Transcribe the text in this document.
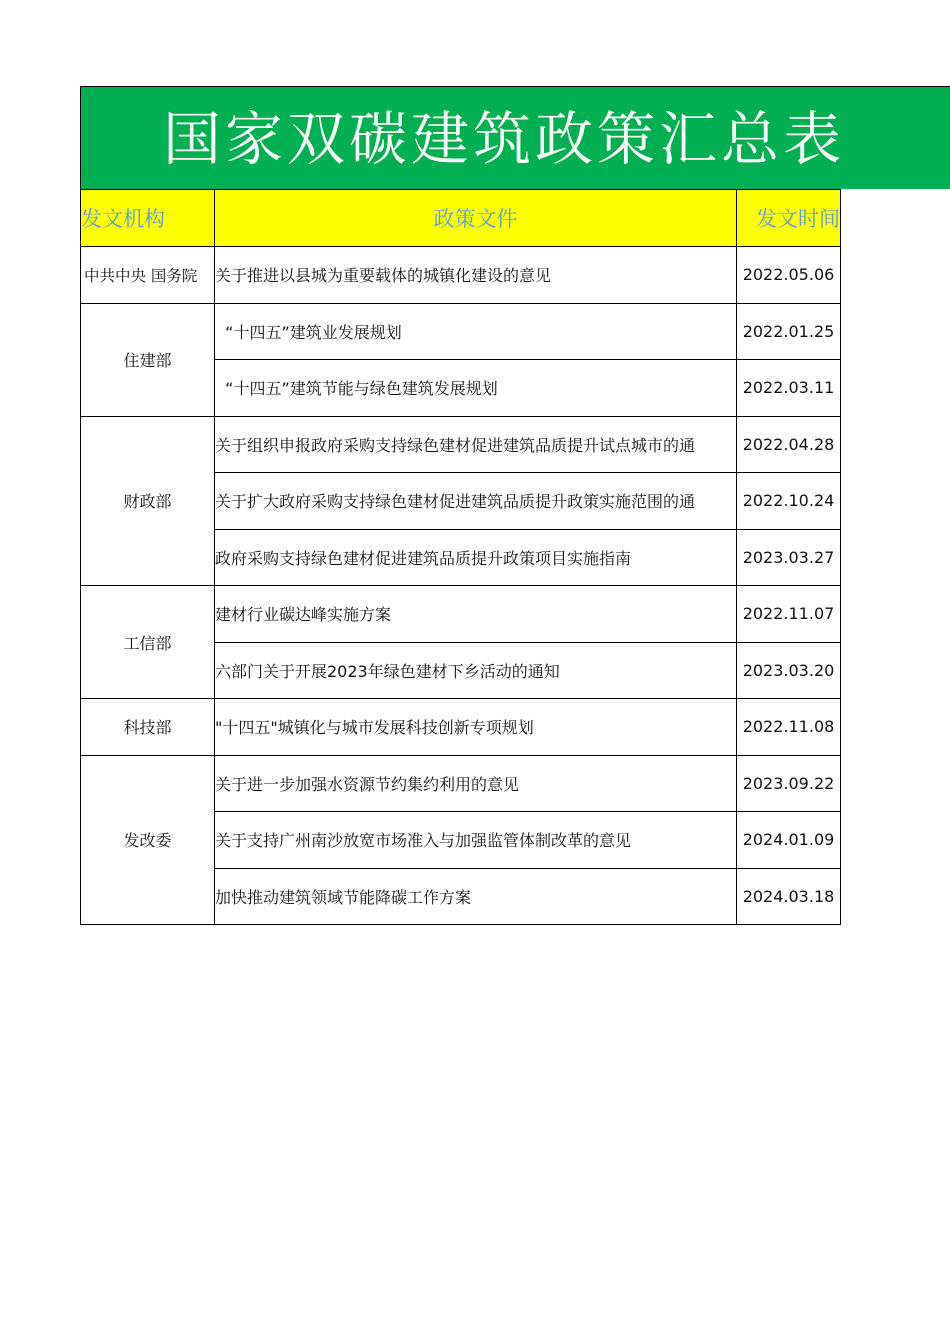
国家双碳建筑政策汇总表
发文机构	政策文件	发文时间
中共中央 国务院	关于推进以县城为重要载体的城镇化建设的意见	2022.05.06
住建部	“十四五”建筑业发展规划	2022.01.25
	“十四五”建筑节能与绿色建筑发展规划	2022.03.11
财政部	关于组织申报政府采购支持绿色建材促进建筑品质提升试点城市的通	2022.04.28
	关于扩大政府采购支持绿色建材促进建筑品质提升政策实施范围的通	2022.10.24
	政府采购支持绿色建材促进建筑品质提升政策项目实施指南	2023.03.27
工信部	建材行业碳达峰实施方案	2022.11.07
	六部门关于开展2023年绿色建材下乡活动的通知	2023.03.20
科技部	"十四五"城镇化与城市发展科技创新专项规划	2022.11.08
发改委	关于进一步加强水资源节约集约利用的意见	2023.09.22
	关于支持广州南沙放宽市场准入与加强监管体制改革的意见	2024.01.09
	加快推动建筑领域节能降碳工作方案	2024.03.18
